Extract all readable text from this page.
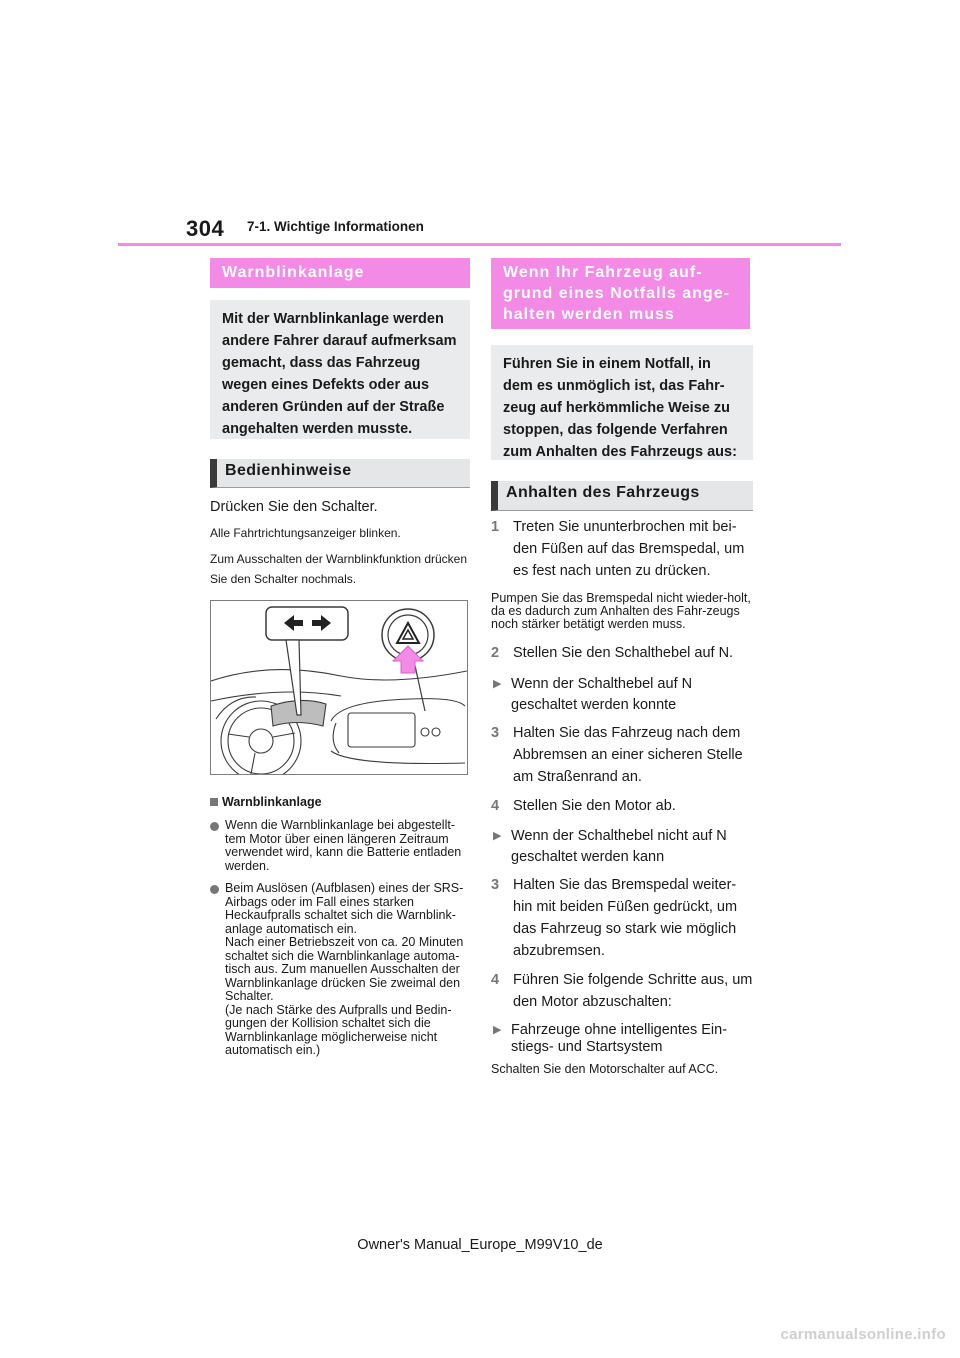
304 7-1. Wichtige Informationen
Warnblinkanlage
Mit der Warnblinkanlage werden andere Fahrer darauf aufmerksam gemacht, dass das Fahrzeug wegen eines Defekts oder aus anderen Gründen auf der Straße angehalten werden musste.
Bedienhinweise
Drücken Sie den Schalter.
Alle Fahrtrichtungsanzeiger blinken.
Zum Ausschalten der Warnblinkfunktion drücken Sie den Schalter nochmals.
Warnblinkanlage
Wenn die Warnblinkanlage bei abgestellt-tem Motor über einen längeren Zeitraum verwendet wird, kann die Batterie entladen werden.
Beim Auslösen (Aufblasen) eines der SRS-Airbags oder im Fall eines starken Heckaufpralls schaltet sich die Warnblink-anlage automatisch ein.
Nach einer Betriebszeit von ca. 20 Minuten schaltet sich die Warnblinkanlage automa-tisch aus. Zum manuellen Ausschalten der Warnblinkanlage drücken Sie zweimal den Schalter.
(Je nach Stärke des Aufpralls und Bedin-gungen der Kollision schaltet sich die Warnblinkanlage möglicherweise nicht automatisch ein.)
Wenn Ihr Fahrzeug auf-grund eines Notfalls ange-halten werden muss
Führen Sie in einem Notfall, in dem es unmöglich ist, das Fahr-zeug auf herkömmliche Weise zu stoppen, das folgende Verfahren zum Anhalten des Fahrzeugs aus:
Anhalten des Fahrzeugs
1 Treten Sie ununterbrochen mit bei-den Füßen auf das Bremspedal, um es fest nach unten zu drücken.
Pumpen Sie das Bremspedal nicht wieder-holt, da es dadurch zum Anhalten des Fahr-zeugs noch stärker betätigt werden muss.
2 Stellen Sie den Schalthebel auf N.
▶ Wenn der Schalthebel auf N geschaltet werden konnte
3 Halten Sie das Fahrzeug nach dem Abbremsen an einer sicheren Stelle am Straßenrand an.
4 Stellen Sie den Motor ab.
▶ Wenn der Schalthebel nicht auf N geschaltet werden kann
3 Halten Sie das Bremspedal weiter-hin mit beiden Füßen gedrückt, um das Fahrzeug so stark wie möglich abzubremsen.
4 Führen Sie folgende Schritte aus, um den Motor abzuschalten:
▶ Fahrzeuge ohne intelligentes Ein-stiegs- und Startsystem
Schalten Sie den Motorschalter auf ACC.
Owner's Manual_Europe_M99V10_de
carmanualsonline.info
